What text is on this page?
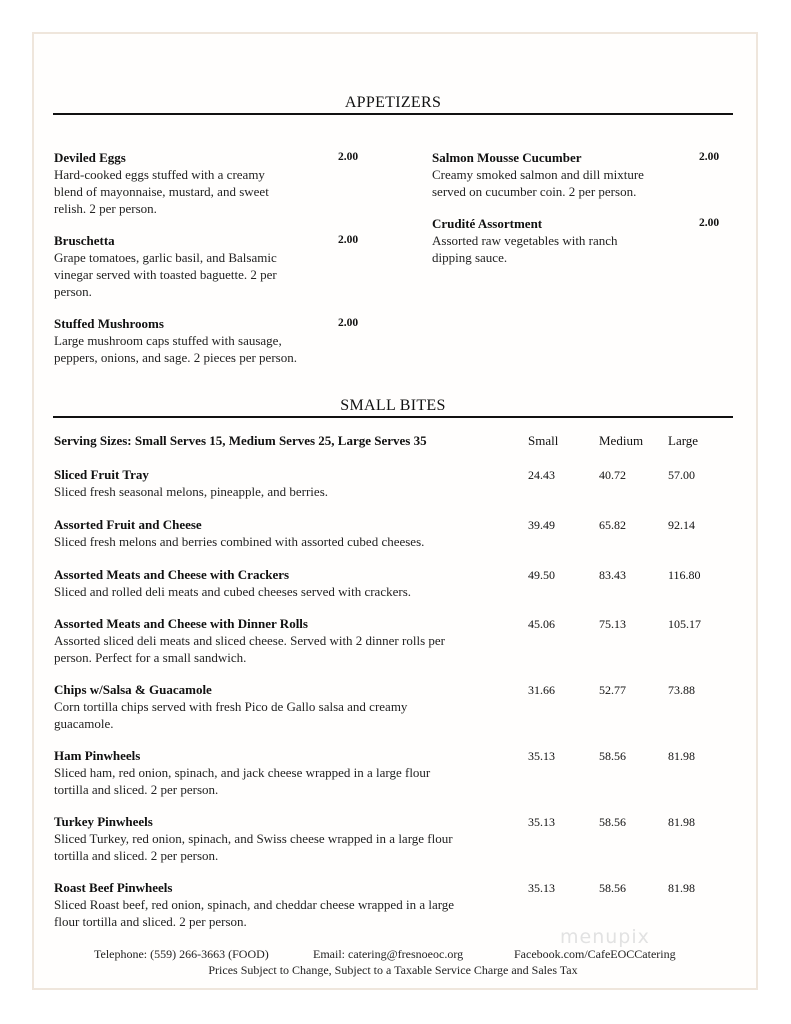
APPETIZERS
Deviled Eggs
Hard-cooked eggs stuffed with a creamy
blend of mayonnaise, mustard, and sweet
relish. 2 per person.
2.00
Bruschetta
Grape tomatoes, garlic basil, and Balsamic
vinegar served with toasted baguette. 2 per
person.
2.00
Stuffed Mushrooms
Large mushroom caps stuffed with sausage,
peppers, onions, and sage. 2 pieces per person.
2.00
Salmon Mousse Cucumber
Creamy smoked salmon and dill mixture
served on cucumber coin. 2 per person.
2.00
Crudité Assortment
Assorted raw vegetables with ranch
dipping sauce.
2.00
SMALL BITES
Serving Sizes: Small Serves 15, Medium Serves 25, Large Serves 35	Small	Medium Large
Sliced Fruit Tray
Sliced fresh seasonal melons, pineapple, and berries.
24.43	40.72	57.00
Assorted Fruit and Cheese
Sliced fresh melons and berries combined with assorted cubed cheeses.
39.49	65.82	92.14
Assorted Meats and Cheese with Crackers
Sliced and rolled deli meats and cubed cheeses served with crackers.
49.50	83.43	116.80
Assorted Meats and Cheese with Dinner Rolls
Assorted sliced deli meats and sliced cheese. Served with 2 dinner rolls per
person. Perfect for a small sandwich.
45.06	75.13	105.17
Chips w/Salsa & Guacamole
Corn tortilla chips served with fresh Pico de Gallo salsa and creamy
guacamole.
31.66	52.77	73.88
Ham Pinwheels
Sliced ham, red onion, spinach, and jack cheese wrapped in a large flour
tortilla and sliced. 2 per person.
35.13	58.56	81.98
Turkey Pinwheels
Sliced Turkey, red onion, spinach, and Swiss cheese wrapped in a large flour
tortilla and sliced. 2 per person.
35.13	58.56	81.98
Roast Beef Pinwheels
Sliced Roast beef, red onion, spinach, and cheddar cheese wrapped in a large
flour tortilla and sliced. 2 per person.
35.13	58.56	81.98
menupix
Telephone: (559) 266-3663 (FOOD)	Email: catering@fresnoeoc.org	Facebook.com/CafeEOCCatering
Prices Subject to Change, Subject to a Taxable Service Charge and Sales Tax
